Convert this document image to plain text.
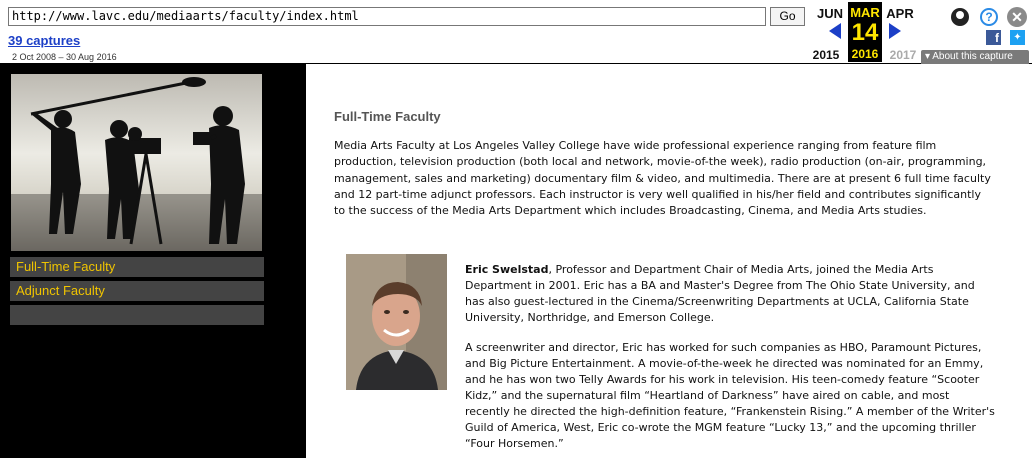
http://www.lavc.edu/mediaarts/faculty/index.html	Go
39 captures
2 Oct 2008 – 30 Aug 2016
JUN	APR
2015	2017
MAR
14
2016
?	✕
f	✦
▾ About this capture
Full-Time Faculty
Adjunct Faculty
Full-Time Faculty
Media Arts Faculty at Los Angeles Valley College have wide professional experience ranging from feature film production, television production (both local and network, movie-of-the week), radio production (on-air, programming, management, sales and marketing) documentary film & video, and multimedia. There are at present 6 full time faculty and 12 part-time adjunct professors. Each instructor is very well qualified in his/her field and contributes significantly to the success of the Media Arts Department which includes Broadcasting, Cinema, and Media Arts studies.

Eric Swelstad, Professor and Department Chair of Media Arts, joined the Media Arts Department in 2001. Eric has a BA and Master's Degree from The Ohio State University, and has also guest-lectured in the Cinema/Screenwriting Departments at UCLA, California State University, Northridge, and Emerson College.

A screenwriter and director, Eric has worked for such companies as HBO, Paramount Pictures, and Big Picture Entertainment. A movie-of-the-week he directed was nominated for an Emmy, and he has won two Telly Awards for his work in television. His teen-comedy feature “Scooter Kidz,” and the supernatural film “Heartland of Darkness” have aired on cable, and most recently he directed the high-definition feature, “Frankenstein Rising.” A member of the Writer's Guild of America, West, Eric co-wrote the MGM feature “Lucky 13,” and the upcoming thriller “Four Horsemen.”
